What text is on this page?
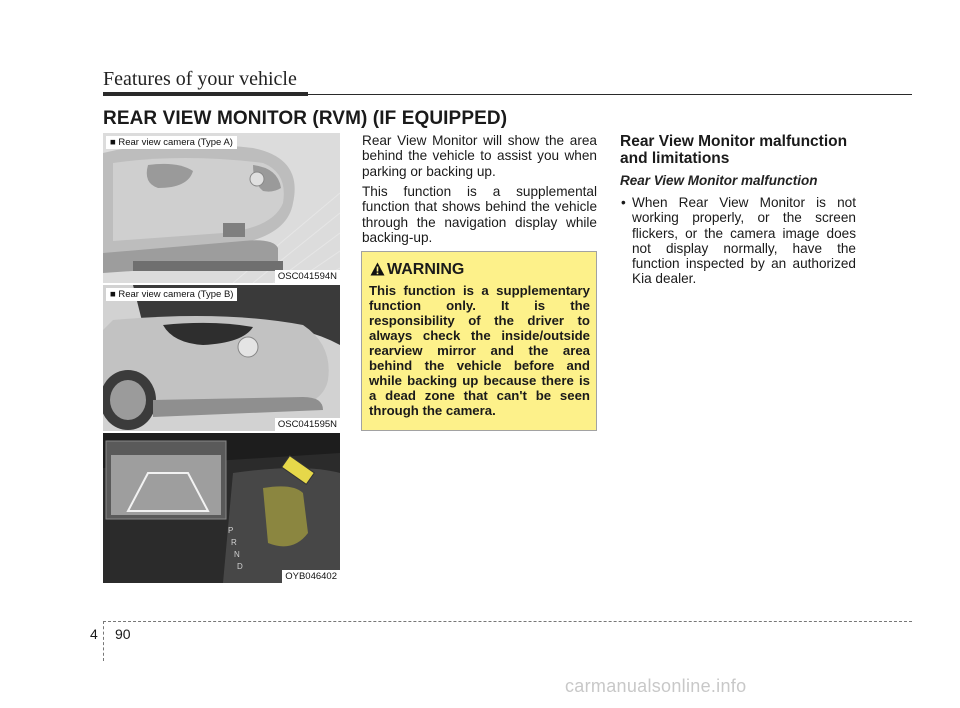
Features of your vehicle
REAR VIEW MONITOR (RVM) (IF EQUIPPED)
■ Rear view camera (Type A)
OSC041594N
■ Rear view camera (Type B)
OSC041595N
P
R
N
D
OYB046402
Rear View Monitor will show the area behind the vehicle to assist you when parking or backing up.
This function is a supplemental function that shows behind the vehicle through the navigation display while backing-up.
WARNING
This function is a supplementary function only. It is the responsibility of the driver to always check the inside/outside rearview mirror and the area behind the vehicle before and while backing up because there is a dead zone that can't be seen through the camera.
Rear View Monitor malfunction and limitations
Rear View Monitor malfunction
• When Rear View Monitor is not working properly, or the screen flickers, or the camera image does not display normally, have the function inspected by an authorized Kia dealer.
4 90
carmanualsonline.info
